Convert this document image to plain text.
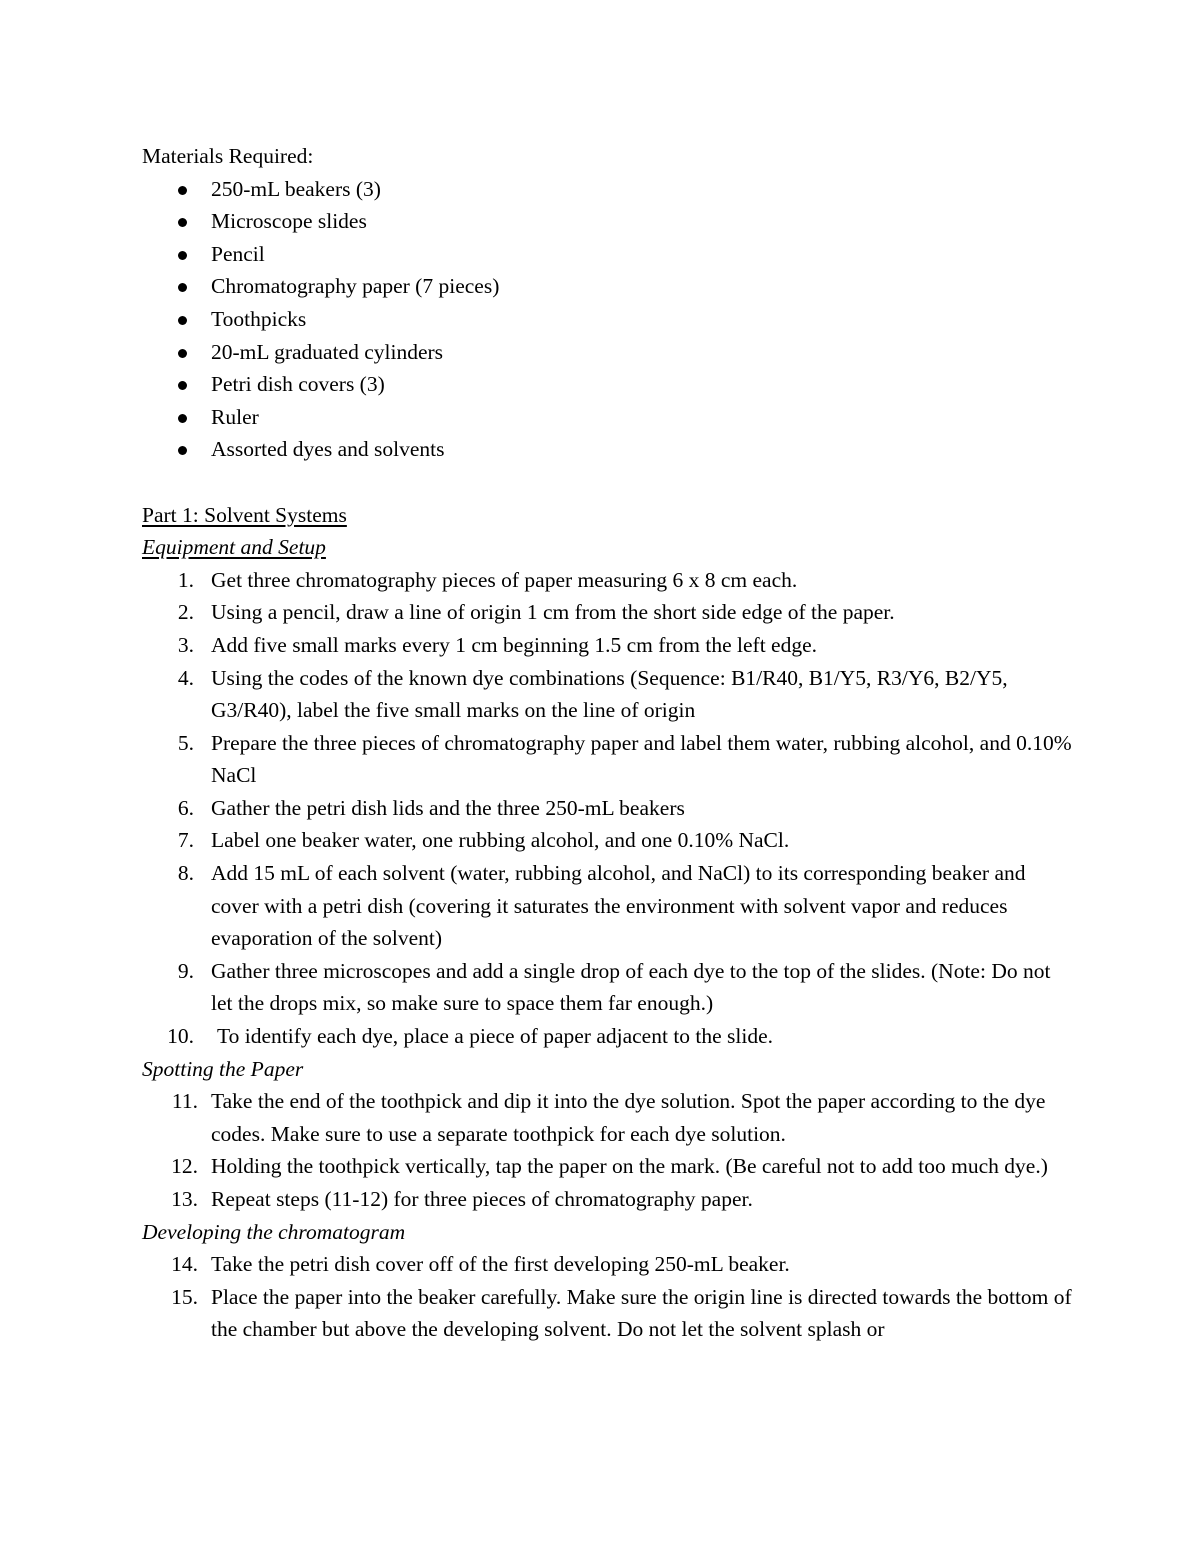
Materials Required:

250-mL beakers (3)
Microscope slides
Pencil
Chromatography paper (7 pieces)
Toothpicks
20-mL graduated cylinders
Petri dish covers (3)
Ruler
Assorted dyes and solvents

Part 1: Solvent Systems

Equipment and Setup

1. Get three chromatography pieces of paper measuring 6 x 8 cm each.
2. Using a pencil, draw a line of origin 1 cm from the short side edge of the paper.
3. Add five small marks every 1 cm beginning 1.5 cm from the left edge.
4. Using the codes of the known dye combinations (Sequence: B1/R40, B1/Y5, R3/Y6, B2/Y5, G3/R40), label the five small marks on the line of origin
5. Prepare the three pieces of chromatography paper and label them water, rubbing alcohol, and 0.10% NaCl
6. Gather the petri dish lids and the three 250-mL beakers
7. Label one beaker water, one rubbing alcohol, and one 0.10% NaCl.
8. Add 15 mL of each solvent (water, rubbing alcohol, and NaCl) to its corresponding beaker and cover with a petri dish (covering it saturates the environment with solvent vapor and reduces evaporation of the solvent)
9. Gather three microscopes and add a single drop of each dye to the top of the slides. (Note: Do not let the drops mix, so make sure to space them far enough.)
10. To identify each dye, place a piece of paper adjacent to the slide.

Spotting the Paper

11. Take the end of the toothpick and dip it into the dye solution. Spot the paper according to the dye codes. Make sure to use a separate toothpick for each dye solution.
12. Holding the toothpick vertically, tap the paper on the mark. (Be careful not to add too much dye.)
13. Repeat steps (11-12) for three pieces of chromatography paper.

Developing the chromatogram

14. Take the petri dish cover off of the first developing 250-mL beaker.
15. Place the paper into the beaker carefully. Make sure the origin line is directed towards the bottom of the chamber but above the developing solvent. Do not let the solvent splash or
